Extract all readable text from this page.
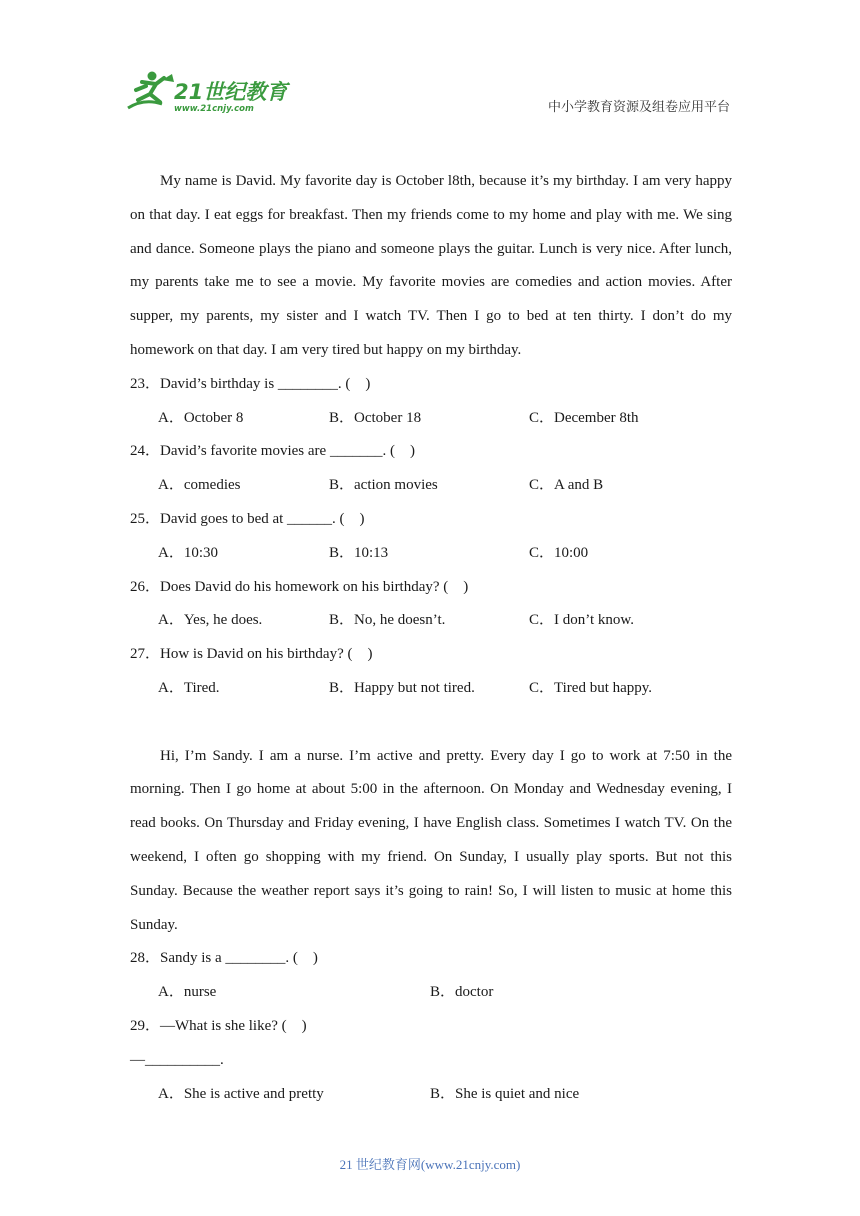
21世纪教育
www.21cnjy.com	中小学教育资源及组卷应用平台

My name is David. My favorite day is October l8th, because it’s my birthday. I am very happy on that day. I eat eggs for breakfast. Then my friends come to my home and play with me. We sing and dance. Someone plays the piano and someone plays the guitar. Lunch is very nice. After lunch, my parents take me to see a movie. My favorite movies are comedies and action movies. After supper, my parents, my sister and I watch TV. Then I go to bed at ten thirty. I don’t do my homework on that day. I am very tired but happy on my birthday.

23．David’s birthday is ________. (    )
A．October 8	B．October 18	C．December 8th
24．David’s favorite movies are _______. (    )
A．comedies	B．action movies	C．A and B
25．David goes to bed at ______. (    )
A．10:30	B．10:13	C．10:00
26．Does David do his homework on his birthday? (    )
A．Yes, he does.	B．No, he doesn’t.	C．I don’t know.
27．How is David on his birthday? (    )
A．Tired.	B．Happy but not tired.	C．Tired but happy.

Hi, I’m Sandy. I am a nurse. I’m active and pretty. Every day I go to work at 7:50 in the morning. Then I go home at about 5:00 in the afternoon. On Monday and Wednesday evening, I read books. On Thursday and Friday evening, I have English class. Sometimes I watch TV. On the weekend, I often go shopping with my friend. On Sunday, I usually play sports. But not this Sunday. Because the weather report says it’s going to rain! So, I will listen to music at home this Sunday.

28．Sandy is a ________. (    )
A．nurse	B．doctor
29．—What is she like? (    )
—__________.
A．She is active and pretty	B．She is quiet and nice
21 世纪教育网(www.21cnjy.com)
